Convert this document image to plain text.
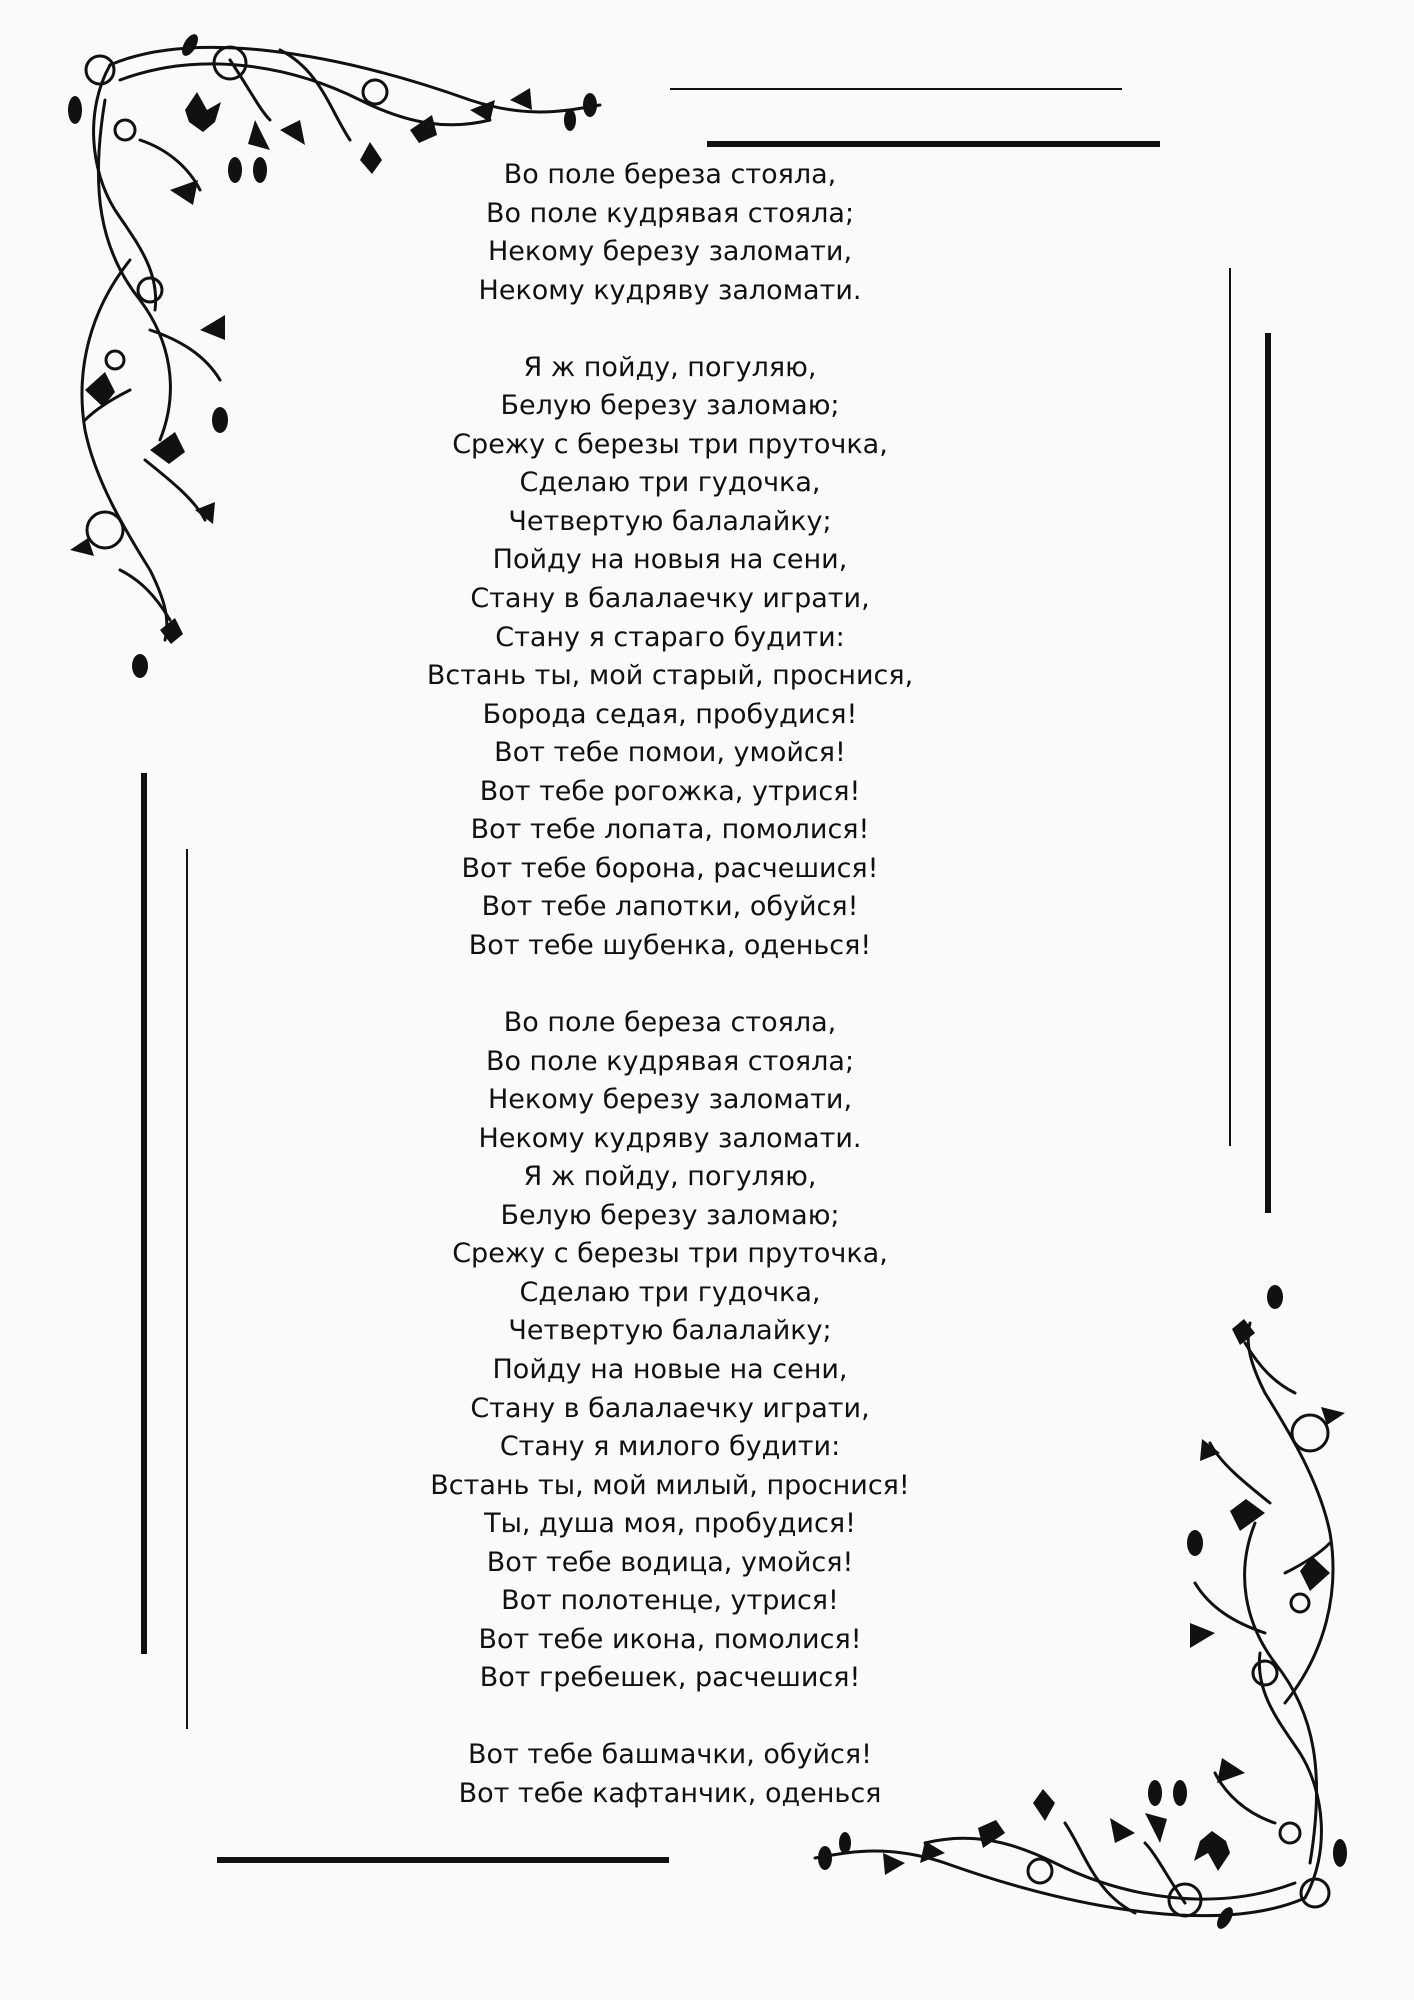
Во поле береза стояла,
Во поле кудрявая стояла;
Некому березу заломати,
Некому кудряву заломати.
Я ж пойду, погуляю,
Белую березу заломаю;
Срежу с березы три пруточка,
Сделаю три гудочка,
Четвертую балалайку;
Пойду на новыя на сени,
Стану в балалаечку играти,
Стану я стараго будити:
Встань ты, мой старый, проснися,
Борода седая, пробудися!
Вот тебе помои, умойся!
Вот тебе рогожка, утрися!
Вот тебе лопата, помолися!
Вот тебе борона, расчешися!
Вот тебе лапотки, обуйся!
Вот тебе шубенка, оденься!
Во поле береза стояла,
Во поле кудрявая стояла;
Некому березу заломати,
Некому кудряву заломати.
Я ж пойду, погуляю,
Белую березу заломаю;
Срежу с березы три пруточка,
Сделаю три гудочка,
Четвертую балалайку;
Пойду на новые на сени,
Стану в балалаечку играти,
Стану я милого будити:
Встань ты, мой милый, проснися!
Ты, душа моя, пробудися!
Вот тебе водица, умойся!
Вот полотенце, утрися!
Вот тебе икона, помолися!
Вот гребешек, расчешися!
Вот тебе башмачки, обуйся!
Вот тебе кафтанчик, оденься
